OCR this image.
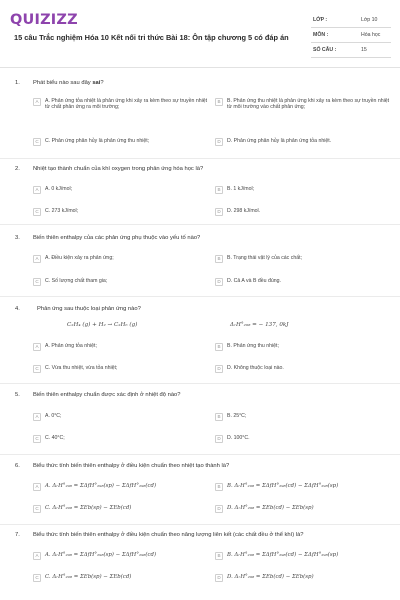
QUIZIZZ
15 câu Trắc nghiệm Hóa 10 Kết nối tri thức Bài 18: Ôn tập chương 5 có đáp án
LỚP :	Lớp 10
MÔN :	Hóa học
SỐ CÂU :	15
1. Phát biểu nào sau đây sai?
A	A. Phản ứng tỏa nhiệt là phản ứng khi xảy ra kèm theo sự truyền nhiệt từ chất phản ứng ra môi trường;
B	B. Phản ứng thu nhiệt là phản ứng khi xảy ra kèm theo sự truyền nhiệt từ môi trường vào chất phản ứng;
C	C. Phản ứng phân hủy là phản ứng thu nhiệt;	D	D. Phản ứng phân hủy là phản ứng tỏa nhiệt.
2. Nhiệt tạo thành chuẩn của khí oxygen trong phản ứng hóa học là?
A	A. 0 kJ/mol;	B	B. 1 kJ/mol;
C	C. 273 kJ/mol;	D	D. 298 kJ/mol.
3. Biến thiên enthalpy của các phản ứng phụ thuộc vào yếu tố nào?
A	A. Điều kiện xảy ra phản ứng;	B	B. Trạng thái vật lý của các chất;
C	C. Số lượng chất tham gia;	D	D. Cả A và B đều đúng.
4.	Phản ứng sau thuộc loại phản ứng nào?
C₂H₄ (g) + H₂ → C₂H₆ (g)	ΔᵣH°₂₉₈ = − 137, 0kJ
A	A. Phản ứng tỏa nhiệt;	B	B. Phản ứng thu nhiệt;
C	C. Vừa thu nhiệt, vừa tỏa nhiệt;	D	D. Không thuộc loại nào.
5. Biến thiên enthalpy chuẩn được xác định ở nhiệt độ nào?
A	A. 0°C;	B	B. 25°C;
C	C. 40°C;	D	D. 100°C.
6. Biểu thức tính biến thiên enthalpy ở điều kiện chuẩn theo nhiệt tạo thành là?
A	A. ΔᵣH°₂₉₈ = ΣΔfH°₂₉₈(sp) − ΣΔfH°₂₉₈(cđ)	B	B. ΔᵣH°₂₉₈ = ΣΔfH°₂₉₈(cđ) − ΣΔfH°₂₉₈(sp)
C	C. ΔᵣH°₂₉₈ = ΣEb(sp) − ΣEb(cđ)	D	D. ΔᵣH°₂₉₈ = ΣEb(cđ) − ΣEb(sp)
7. Biểu thức tính biến thiên enthalpy ở điều kiện chuẩn theo năng lượng liên kết (các chất đều ở thể khí) là?
A	A. ΔᵣH°₂₉₈ = ΣΔfH°₂₉₈(sp) − ΣΔfH°₂₉₈(cđ)	B	B. ΔᵣH°₂₉₈ = ΣΔfH°₂₉₈(cđ) − ΣΔfH°₂₉₈(sp)
C	C. ΔᵣH°₂₉₈ = ΣEb(sp) − ΣEb(cđ)	D	D. ΔᵣH°₂₉₈ = ΣEb(cđ) − ΣEb(sp)
